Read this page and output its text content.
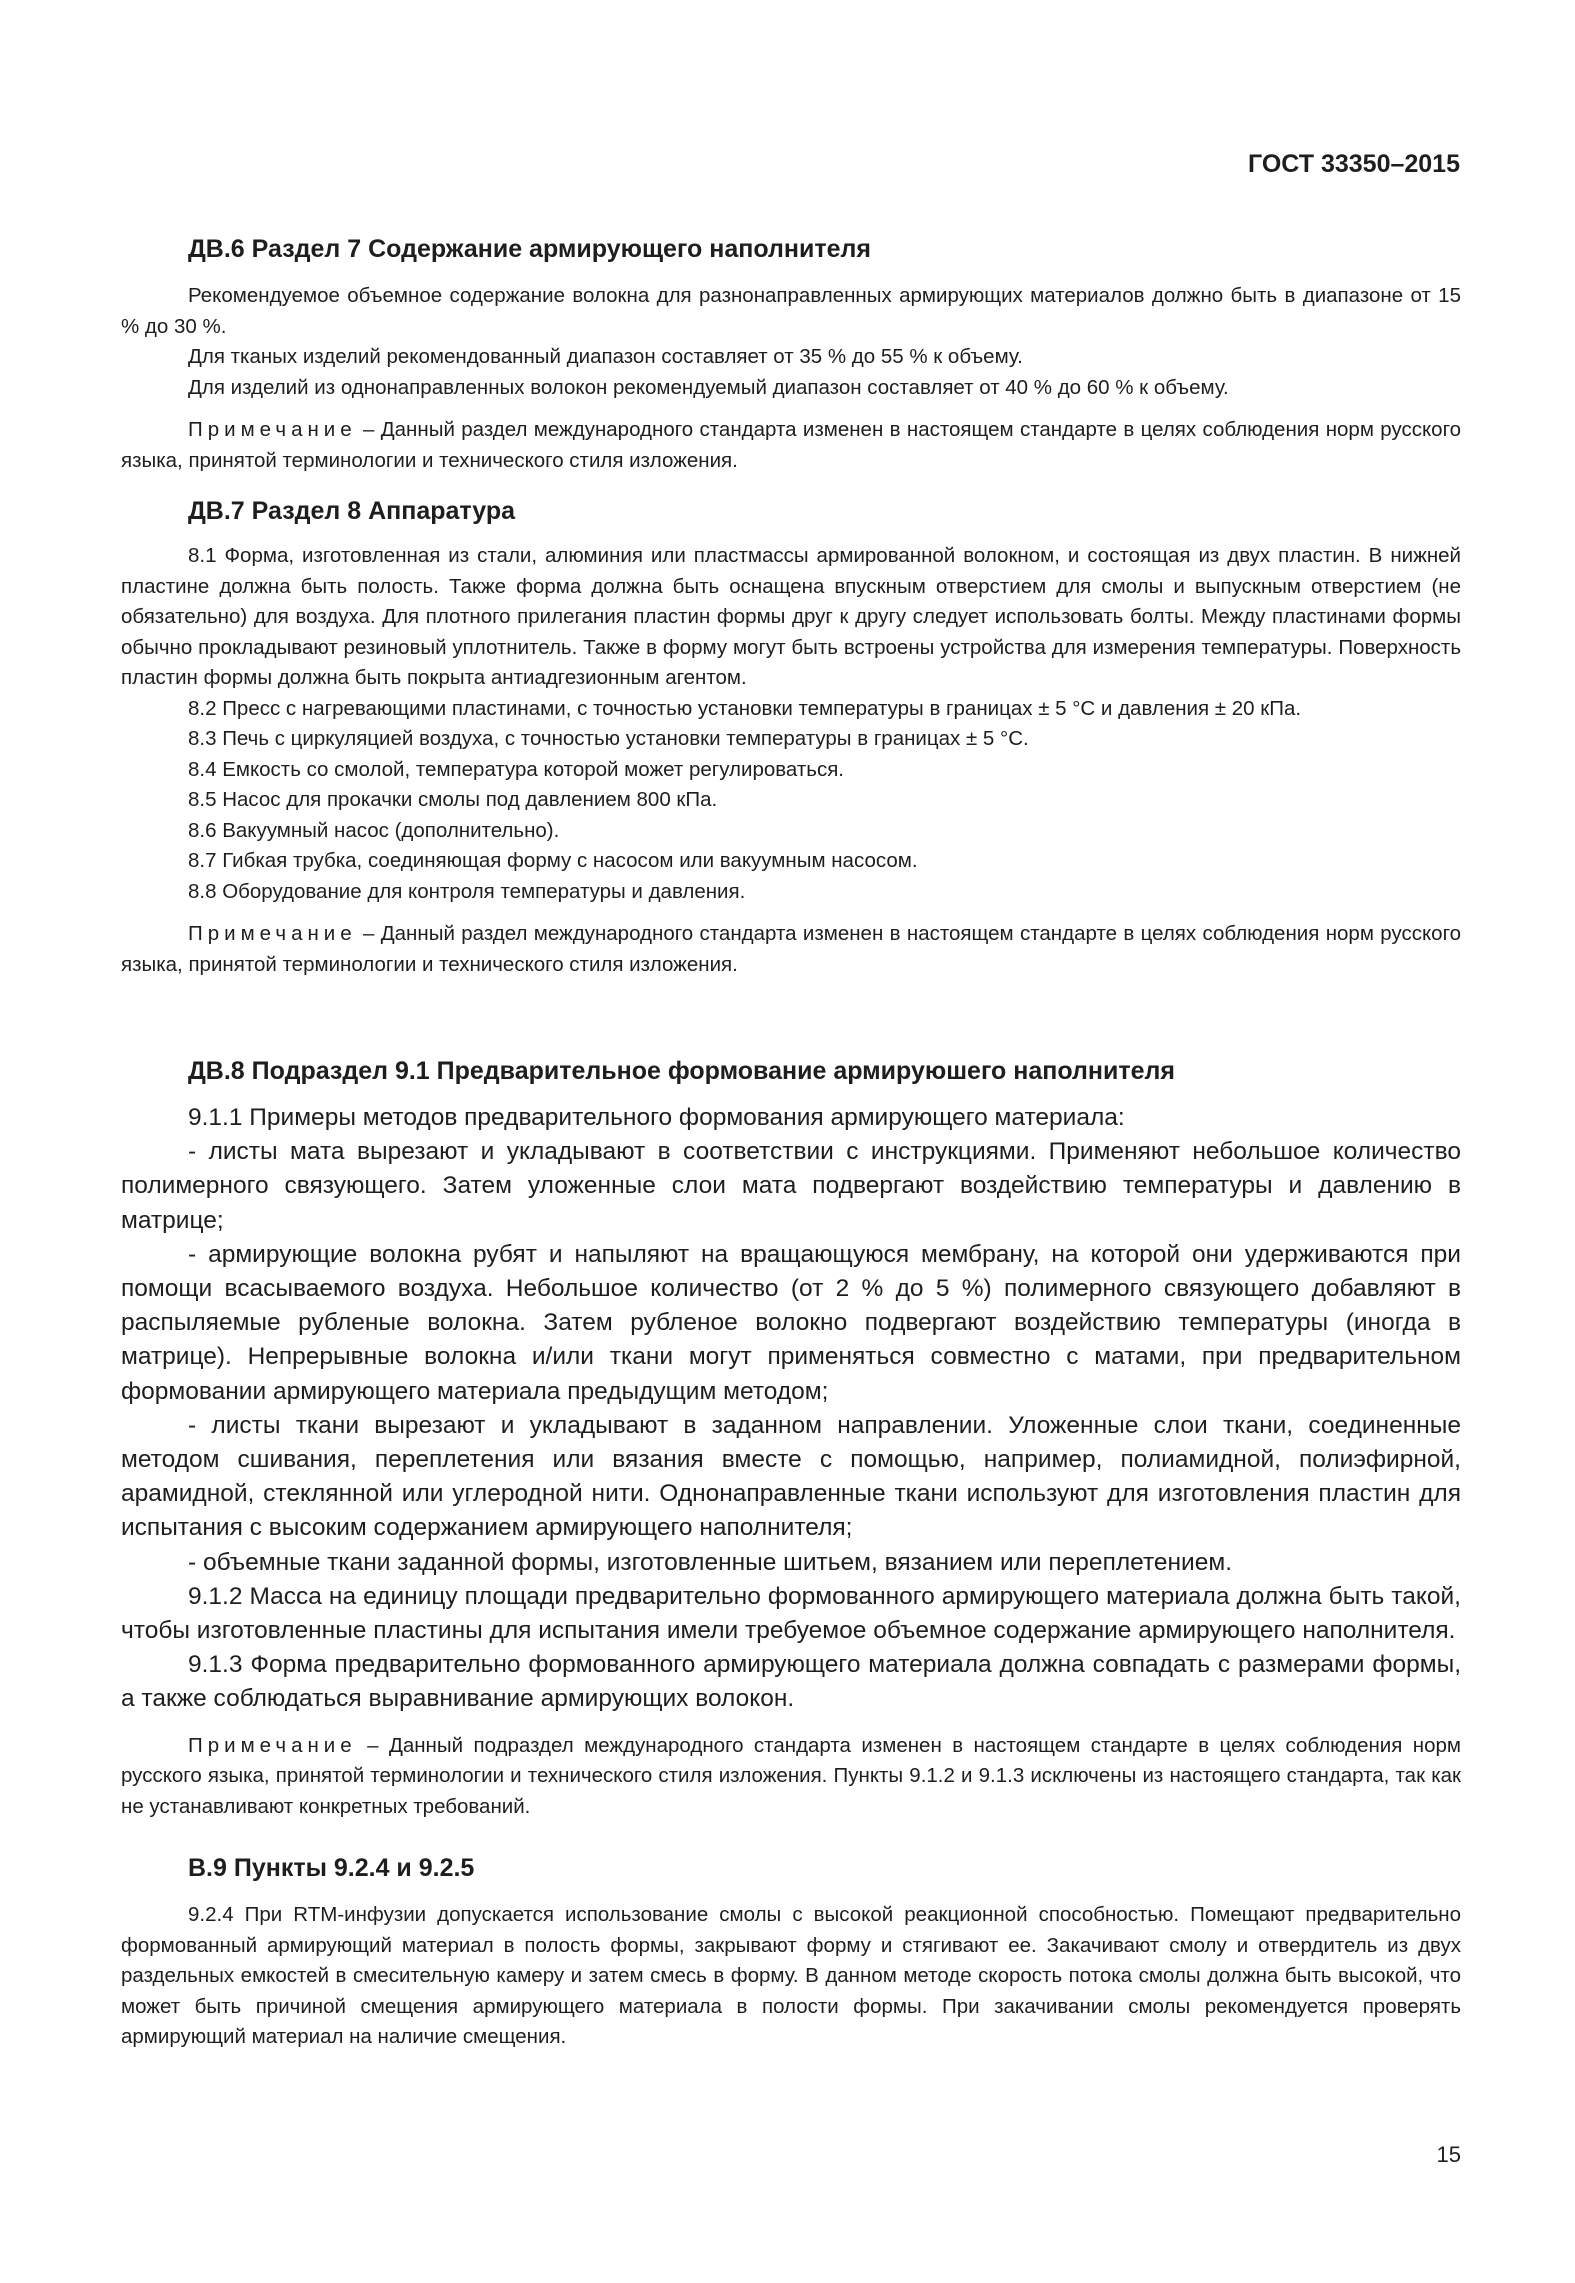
ГОСТ 33350–2015

ДВ.6 Раздел 7 Содержание армирующего наполнителя

Рекомендуемое объемное содержание волокна для разнонаправленных армирующих материалов должно быть в диапазоне от 15 % до 30 %.

Для тканых изделий рекомендованный диапазон составляет от 35 % до 55 % к объему.

Для изделий из однонаправленных волокон рекомендуемый диапазон составляет от 40 % до 60 % к объему.

Примечание – Данный раздел международного стандарта изменен в настоящем стандарте в целях соблюдения норм русского языка, принятой терминологии и технического стиля изложения.

ДВ.7 Раздел 8 Аппаратура

8.1 Форма, изготовленная из стали, алюминия или пластмассы армированной волокном, и состоящая из двух пластин. В нижней пластине должна быть полость. Также форма должна быть оснащена впускным отверстием для смолы и выпускным отверстием (не обязательно) для воздуха. Для плотного прилегания пластин формы друг к другу следует использовать болты. Между пластинами формы обычно прокладывают резиновый уплотнитель. Также в форму могут быть встроены устройства для измерения температуры. Поверхность пластин формы должна быть покрыта антиадгезионным агентом.

8.2 Пресс с нагревающими пластинами, с точностью установки температуры в границах ± 5 °С и давления ± 20 кПа.

8.3 Печь с циркуляцией воздуха, с точностью установки температуры в границах ± 5 °С.

8.4 Емкость со смолой, температура которой может регулироваться.

8.5 Насос для прокачки смолы под давлением 800 кПа.

8.6 Вакуумный насос (дополнительно).

8.7 Гибкая трубка, соединяющая форму с насосом или вакуумным насосом.

8.8 Оборудование для контроля температуры и давления.

Примечание – Данный раздел международного стандарта изменен в настоящем стандарте в целях соблюдения норм русского языка, принятой терминологии и технического стиля изложения.

ДВ.8 Подраздел 9.1 Предварительное формование армируюшего наполнителя

9.1.1 Примеры методов предварительного формования армирующего материала:

- листы мата вырезают и укладывают в соответствии с инструкциями. Применяют небольшое количество полимерного связующего. Затем уложенные слои мата подвергают воздействию температуры и давлению в матрице;

- армирующие волокна рубят и напыляют на вращающуюся мембрану, на которой они удерживаются при помощи всасываемого воздуха. Небольшое количество (от 2 % до 5 %) полимерного связующего добавляют в распыляемые рубленые волокна. Затем рубленое волокно подвергают воздействию температуры (иногда в матрице). Непрерывные волокна и/или ткани могут применяться совместно с матами, при предварительном формовании армирующего материала предыдущим методом;

- листы ткани вырезают и укладывают в заданном направлении. Уложенные слои ткани, соединенные методом сшивания, переплетения или вязания вместе с помощью, например, полиамидной, полиэфирной, арамидной, стеклянной или углеродной нити. Однонаправленные ткани используют для изготовления пластин для испытания с высоким содержанием армирующего наполнителя;

- объемные ткани заданной формы, изготовленные шитьем, вязанием или переплетением.

9.1.2 Масса на единицу площади предварительно формованного армирующего материала должна быть такой, чтобы изготовленные пластины для испытания имели требуемое объемное содержание армирующего наполнителя.

9.1.3 Форма предварительно формованного армирующего материала должна совпадать с размерами формы, а также соблюдаться выравнивание армирующих волокон.

Примечание – Данный подраздел международного стандарта изменен в настоящем стандарте в целях соблюдения норм русского языка, принятой терминологии и технического стиля изложения. Пункты 9.1.2 и 9.1.3 исключены из настоящего стандарта, так как не устанавливают конкретных требований.

В.9 Пункты 9.2.4 и 9.2.5

9.2.4 При RTM-инфузии допускается использование смолы с высокой реакционной способностью. Помещают предварительно формованный армирующий материал в полость формы, закрывают форму и стягивают ее. Закачивают смолу и отвердитель из двух раздельных емкостей в смесительную камеру и затем смесь в форму. В данном методе скорость потока смолы должна быть высокой, что может быть причиной смещения армирующего материала в полости формы. При закачивании смолы рекомендуется проверять армирующий материал на наличие смещения.

15
